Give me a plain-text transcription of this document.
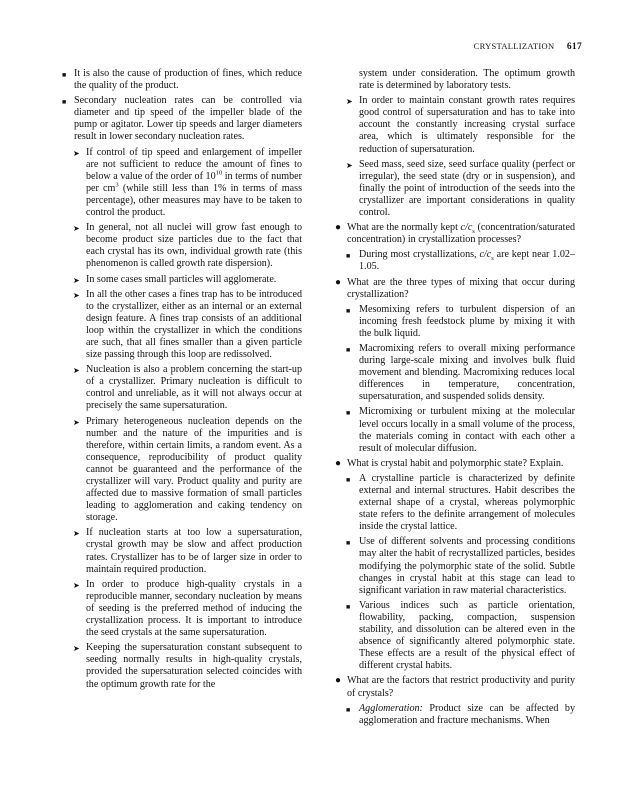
CRYSTALLIZATION 617
■ It is also the cause of production of fines, which reduce the quality of the product.
■ Secondary nucleation rates can be controlled via diameter and tip speed of the impeller blade of the pump or agitator. Lower tip speeds and larger diameters result in lower secondary nucleation rates.
➤ If control of tip speed and enlargement of impeller are not sufficient to reduce the amount of fines to below a value of the order of $10^{10}$ in terms of number per $cm^3$ (while still less than 1% in terms of mass percentage), other measures may have to be taken to control the product.
➤ In general, not all nuclei will grow fast enough to become product size particles due to the fact that each crystal has its own, individual growth rate (this phenomenon is called growth rate dispersion).
➤ In some cases small particles will agglomerate.
➤ In all the other cases a fines trap has to be introduced to the crystallizer, either as an internal or an external design feature. A fines trap consists of an additional loop within the crystallizer in which the conditions are such, that all fines smaller than a given particle size passing through this loop are redissolved.
➤ Nucleation is also a problem concerning the start-up of a crystallizer. Primary nucleation is difficult to control and unreliable, as it will not always occur at precisely the same supersaturation.
➤ Primary heterogeneous nucleation depends on the number and the nature of the impurities and is therefore, within certain limits, a random event. As a consequence, reproducibility of product quality cannot be guaranteed and the performance of the crystallizer will vary. Product quality and purity are affected due to massive formation of small particles leading to agglomeration and caking tendency on storage.
➤ If nucleation starts at too low a supersaturation, crystal growth may be slow and affect production rates. Crystallizer has to be of larger size in order to maintain required production.
➤ In order to produce high-quality crystals in a reproducible manner, secondary nucleation by means of seeding is the preferred method of inducing the crystallization process. It is important to introduce the seed crystals at the same supersaturation.
➤ Keeping the supersaturation constant subsequent to seeding normally results in high-quality crystals, provided the supersaturation selected coincides with the optimum growth rate for the
system under consideration. The optimum growth rate is determined by laboratory tests.
➤ In order to maintain constant growth rates requires good control of supersaturation and has to take into account the constantly increasing crystal surface area, which is ultimately responsible for the reduction of supersaturation.
➤ Seed mass, seed size, seed surface quality (perfect or irregular), the seed state (dry or in suspension), and finally the point of introduction of the seeds into the crystallizer are important considerations in quality control.
● What are the normally kept $c/c_s$ (concentration/saturated concentration) in crystallization processes?
■ During most crystallizations, $c/c_s$ are kept near 1.02–1.05.
● What are the three types of mixing that occur during crystallization?
■ Mesomixing refers to turbulent dispersion of an incoming fresh feedstock plume by mixing it with the bulk liquid.
■ Macromixing refers to overall mixing performance during large-scale mixing and involves bulk fluid movement and blending. Macromixing reduces local differences in temperature, concentration, supersaturation, and suspended solids density.
■ Micromixing or turbulent mixing at the molecular level occurs locally in a small volume of the process, the materials coming in contact with each other a result of molecular diffusion.
● What is crystal habit and polymorphic state? Explain.
■ A crystalline particle is characterized by definite external and internal structures. Habit describes the external shape of a crystal, whereas polymorphic state refers to the definite arrangement of molecules inside the crystal lattice.
■ Use of different solvents and processing conditions may alter the habit of recrystallized particles, besides modifying the polymorphic state of the solid. Subtle changes in crystal habit at this stage can lead to significant variation in raw material characteristics.
■ Various indices such as particle orientation, flowability, packing, compaction, suspension stability, and dissolution can be altered even in the absence of significantly altered polymorphic state. These effects are a result of the physical effect of different crystal habits.
● What are the factors that restrict productivity and purity of crystals?
■ Agglomeration: Product size can be affected by agglomeration and fracture mechanisms. When
